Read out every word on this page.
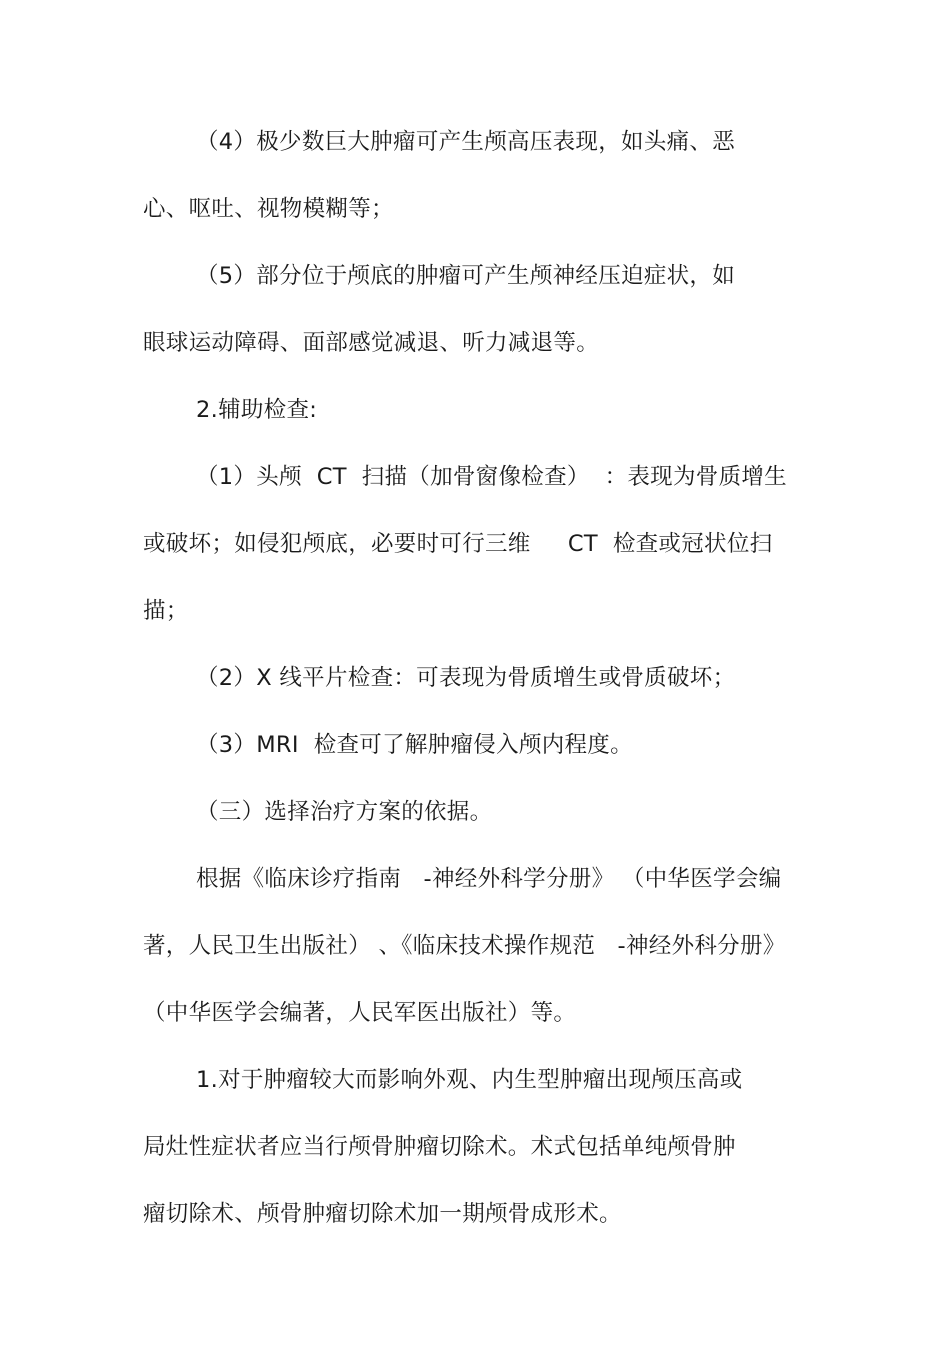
（4）极少数巨大肿瘤可产生颅高压表现，如头痛、恶
心、呕吐、视物模糊等；
（5）部分位于颅底的肿瘤可产生颅神经压迫症状，如
眼球运动障碍、面部感觉减退、听力减退等。
2.辅助检查:
（1）头颅  CT  扫描（加骨窗像检查）  ：表现为骨质增生
或破坏；如侵犯颅底，必要时可行三维     CT  检查或冠状位扫
描；
（2）X 线平片检查：可表现为骨质增生或骨质破坏；
（3）MRI  检查可了解肿瘤侵入颅内程度。
（三）选择治疗方案的依据。
根据《临床诊疗指南   -神经外科学分册》 （中华医学会编
著，人民卫生出版社） 、《临床技术操作规范   -神经外科分册》
（中华医学会编著，人民军医出版社）等。
1.对于肿瘤较大而影响外观、内生型肿瘤出现颅压高或
局灶性症状者应当行颅骨肿瘤切除术。术式包括单纯颅骨肿
瘤切除术、颅骨肿瘤切除术加一期颅骨成形术。
